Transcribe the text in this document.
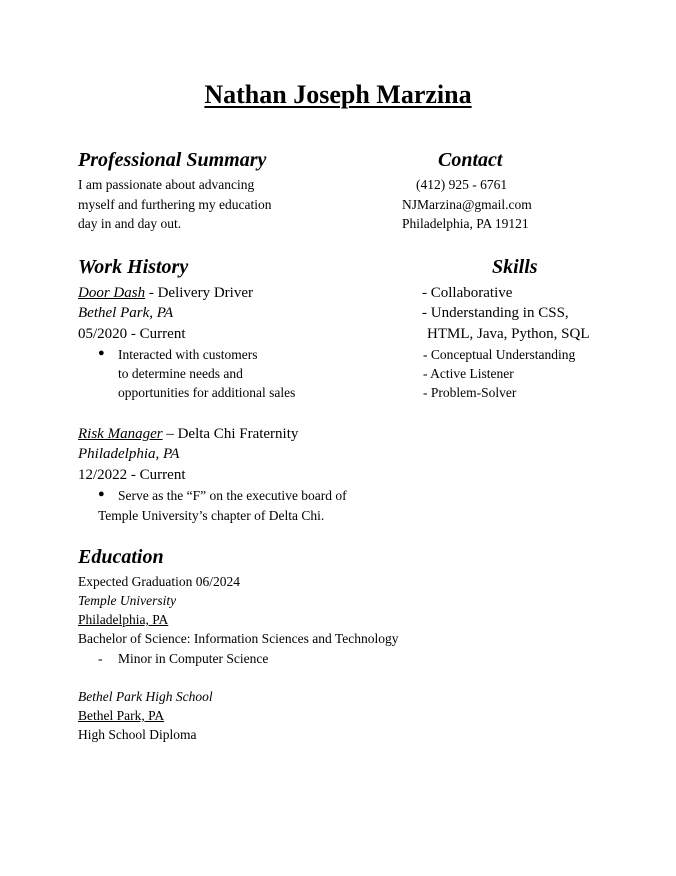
Nathan Joseph Marzina
Professional Summary
I am passionate about advancing
myself and furthering my education
day in and day out.
Contact
(412) 925 - 6761
NJMarzina@gmail.com
Philadelphia, PA 19121
Work History
Door Dash - Delivery Driver
Bethel Park, PA
05/2020 - Current
● Interacted with customers
to determine needs and
opportunities for additional sales
Risk Manager – Delta Chi Fraternity
Philadelphia, PA
12/2022 - Current
● Serve as the “F” on the executive board of
Temple University’s chapter of Delta Chi.
Skills
- Collaborative
- Understanding in CSS,
HTML, Java, Python, SQL
- Conceptual Understanding
- Active Listener
- Problem-Solver
Education
Expected Graduation 06/2024
Temple University
Philadelphia, PA
Bachelor of Science: Information Sciences and Technology
- Minor in Computer Science
Bethel Park High School
Bethel Park, PA
High School Diploma
